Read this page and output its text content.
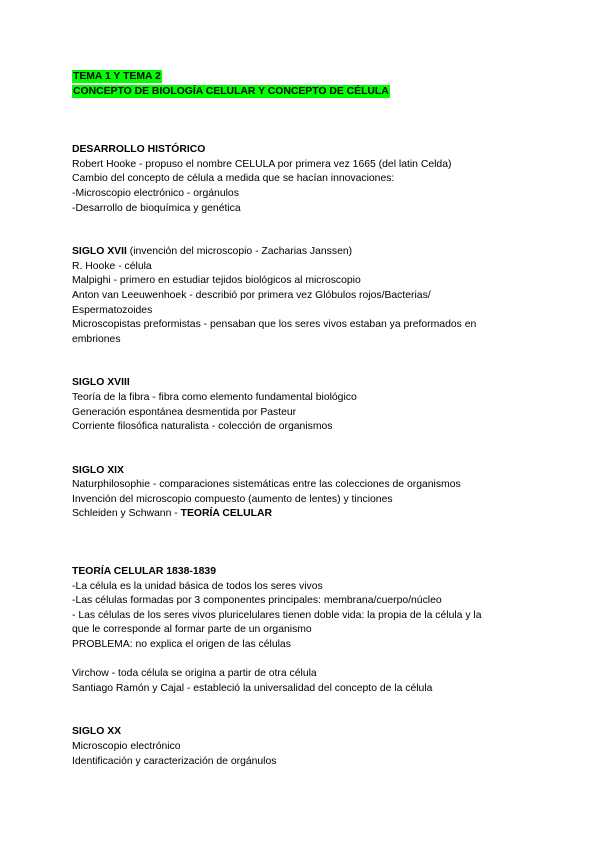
TEMA 1 Y TEMA 2
CONCEPTO DE BIOLOGÍA CELULAR Y CONCEPTO DE CÉLULA
DESARROLLO HISTÓRICO
Robert Hooke - propuso el nombre CELULA por primera vez 1665 (del latin Celda)
Cambio del concepto de célula a medida que se hacían innovaciones:
-Microscopio electrónico - orgánulos
-Desarrollo de bioquímica y genética
SIGLO XVII (invención del microscopio - Zacharias Janssen)
R. Hooke - célula
Malpighi - primero en estudiar tejidos biológicos al microscopio
Anton van Leeuwenhoek - describió por primera vez Glóbulos rojos/Bacterias/
Espermatozoides
Microscopistas preformistas - pensaban que los seres vivos estaban ya preformados en
embriones
SIGLO XVIII
Teoría de la fibra - fibra como elemento fundamental biológico
Generación espontánea desmentida por Pasteur
Corriente filosófica naturalista - colección de organismos
SIGLO XIX
Naturphilosophie - comparaciones sistemáticas entre las colecciones de organismos
Invención del microscopio compuesto (aumento de lentes) y tinciones
Schleiden y Schwann - TEORÍA CELULAR
TEORÍA CELULAR 1838-1839
-La célula es la unidad básica de todos los seres vivos
-Las células formadas por 3 componentes principales: membrana/cuerpo/núcleo
- Las células de los seres vivos pluricelulares tienen doble vida: la propia de la célula y la
que le corresponde al formar parte de un organismo
PROBLEMA: no explica el origen de las células
Virchow - toda célula se origina a partir de otra célula
Santiago Ramón y Cajal - estableció la universalidad del concepto de la célula
SIGLO XX
Microscopio electrónico
Identificación y caracterización de orgánulos
